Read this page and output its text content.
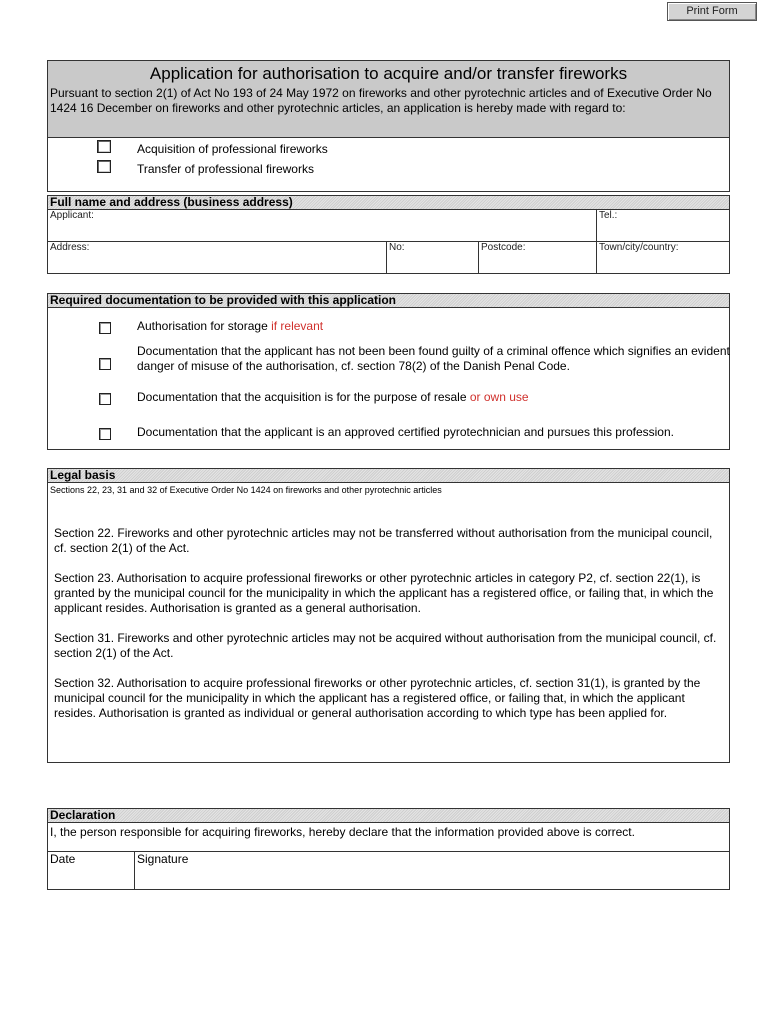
Print Form
Application for authorisation to acquire and/or transfer fireworks
Pursuant to section 2(1) of Act No 193 of 24 May 1972 on fireworks and other pyrotechnic articles and of Executive Order No 1424 16 December on fireworks and other pyrotechnic articles, an application is hereby made with regard to:
Acquisition of professional fireworks
Transfer of professional fireworks
Full name and address (business address)
Applicant:	Tel.:
Address:	No:	Postcode:	Town/city/country:
Required documentation to be provided with this application
Authorisation for storage if relevant
Documentation that the applicant has not been been found guilty of a criminal offence which signifies an evident danger of misuse of the authorisation, cf. section 78(2) of the Danish Penal Code.
Documentation that the acquisition is for the purpose of resale or own use
Documentation that the applicant is an approved certified pyrotechnician and pursues this profession.
Legal basis
Sections 22, 23, 31 and 32 of Executive Order No 1424 on fireworks and other pyrotechnic articles

Section 22. Fireworks and other pyrotechnic articles may not be transferred without authorisation from the municipal council, cf. section 2(1) of the Act.

Section 23. Authorisation to acquire professional fireworks or other pyrotechnic articles in category P2, cf. section 22(1), is granted by the municipal council for the municipality in which the applicant has a registered office, or failing that, in which the applicant resides. Authorisation is granted as a general authorisation.

Section 31. Fireworks and other pyrotechnic articles may not be acquired without authorisation from the municipal council, cf. section 2(1) of the Act.

Section 32. Authorisation to acquire professional fireworks or other pyrotechnic articles, cf. section 31(1), is granted by the municipal council for the municipality in which the applicant has a registered office, or failing that, in which the applicant resides. Authorisation is granted as individual or general authorisation according to which type has been applied for.

Declaration
I, the person responsible for acquiring fireworks, hereby declare that the information provided above is correct.
Date	Signature
